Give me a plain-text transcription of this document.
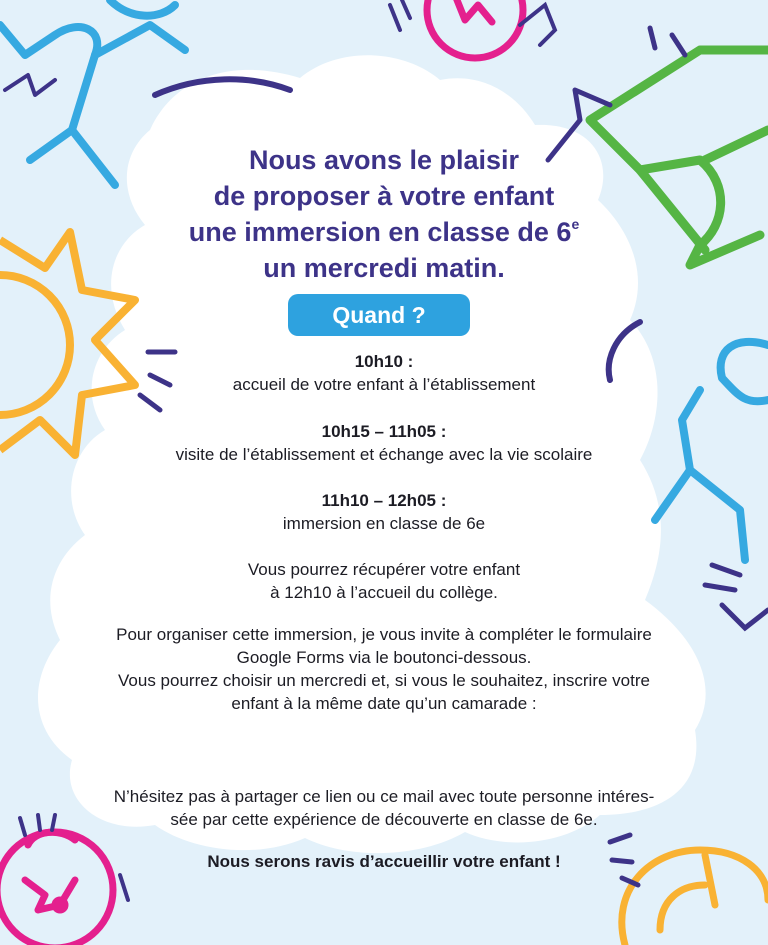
Nous avons le plaisir
de proposer à votre enfant
une immersion en classe de 6e
un mercredi matin.
Quand ?
10h10 :
accueil de votre enfant à l’établissement
10h15 – 11h05 :
visite de l’établissement et échange avec la vie scolaire
11h10 – 12h05 :
immersion en classe de 6e
Vous pourrez récupérer votre enfant
à 12h10 à l’accueil du collège.
Pour organiser cette immersion, je vous invite à compléter le formulaire
Google Forms via le boutonci-dessous.
Vous pourrez choisir un mercredi et, si vous le souhaitez, inscrire votre
enfant à la même date qu’un camarade :
N’hésitez pas à partager ce lien ou ce mail avec toute personne intéres-
sée par cette expérience de découverte en classe de 6e.
Nous serons ravis d’accueillir votre enfant !
